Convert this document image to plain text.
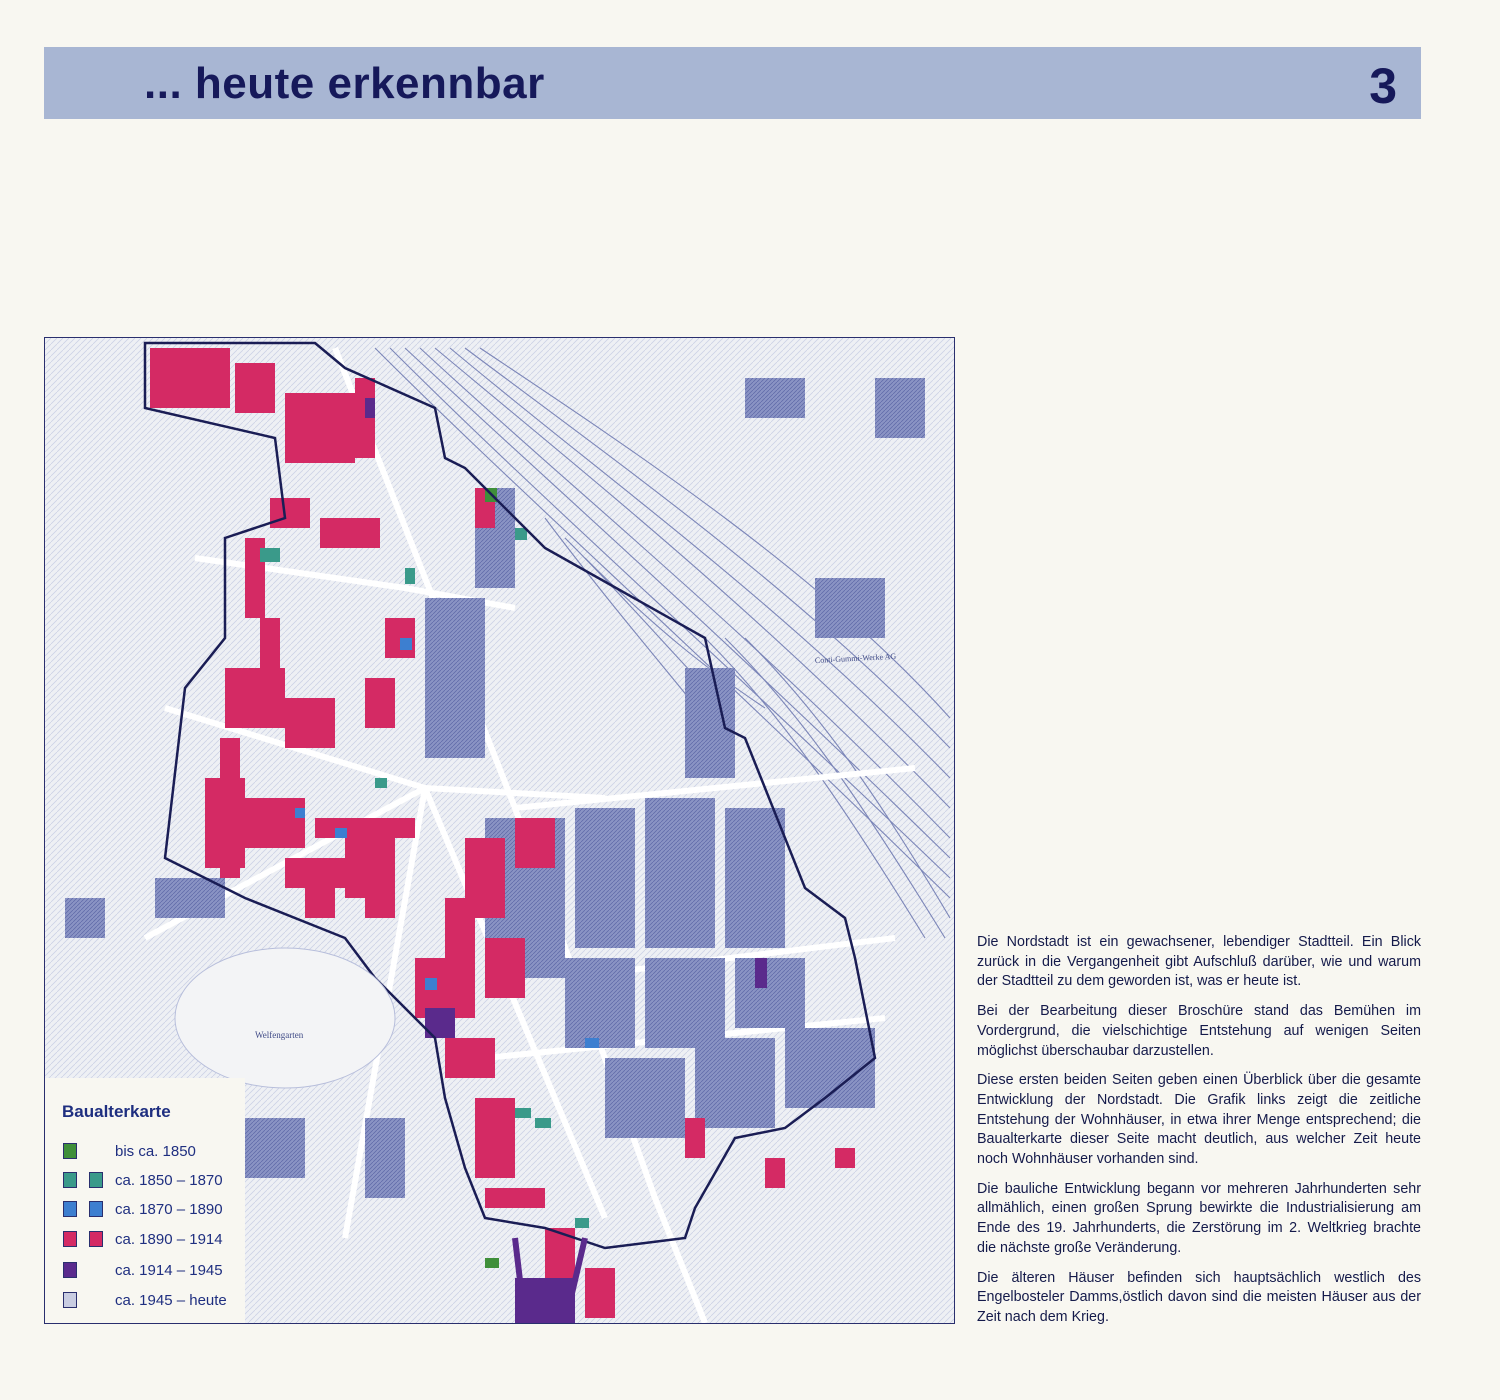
... heute erkennbar	3
Welfengarten
Conti-Gummi-Werke AG
Baualterkarte
bis ca. 1850
ca. 1850 – 1870
ca. 1870 – 1890
ca. 1890 – 1914
ca. 1914 – 1945
ca. 1945 – heute

Die Nordstadt ist ein gewachsener, lebendiger Stadtteil. Ein Blick zurück in die Vergangenheit gibt Aufschluß darüber, wie und warum der Stadtteil zu dem geworden ist, was er heute ist.

Bei der Bearbeitung dieser Broschüre stand das Bemühen im Vordergrund, die vielschichtige Entstehung auf wenigen Seiten möglichst überschaubar darzustellen.

Diese ersten beiden Seiten geben einen Überblick über die gesamte Entwicklung der Nordstadt. Die Grafik links zeigt die zeitliche Entstehung der Wohnhäuser, in etwa ihrer Menge entsprechend; die Baualterkarte dieser Seite macht deutlich, aus welcher Zeit heute noch Wohnhäuser vorhanden sind.

Die bauliche Entwicklung begann vor mehreren Jahrhunderten sehr allmählich, einen großen Sprung bewirkte die Industrialisierung am Ende des 19. Jahrhunderts, die Zerstörung im 2. Weltkrieg brachte die nächste große Veränderung.

Die älteren Häuser befinden sich hauptsächlich westlich des Engelbosteler Damms,östlich davon sind die meisten Häuser aus der Zeit nach dem Krieg.
